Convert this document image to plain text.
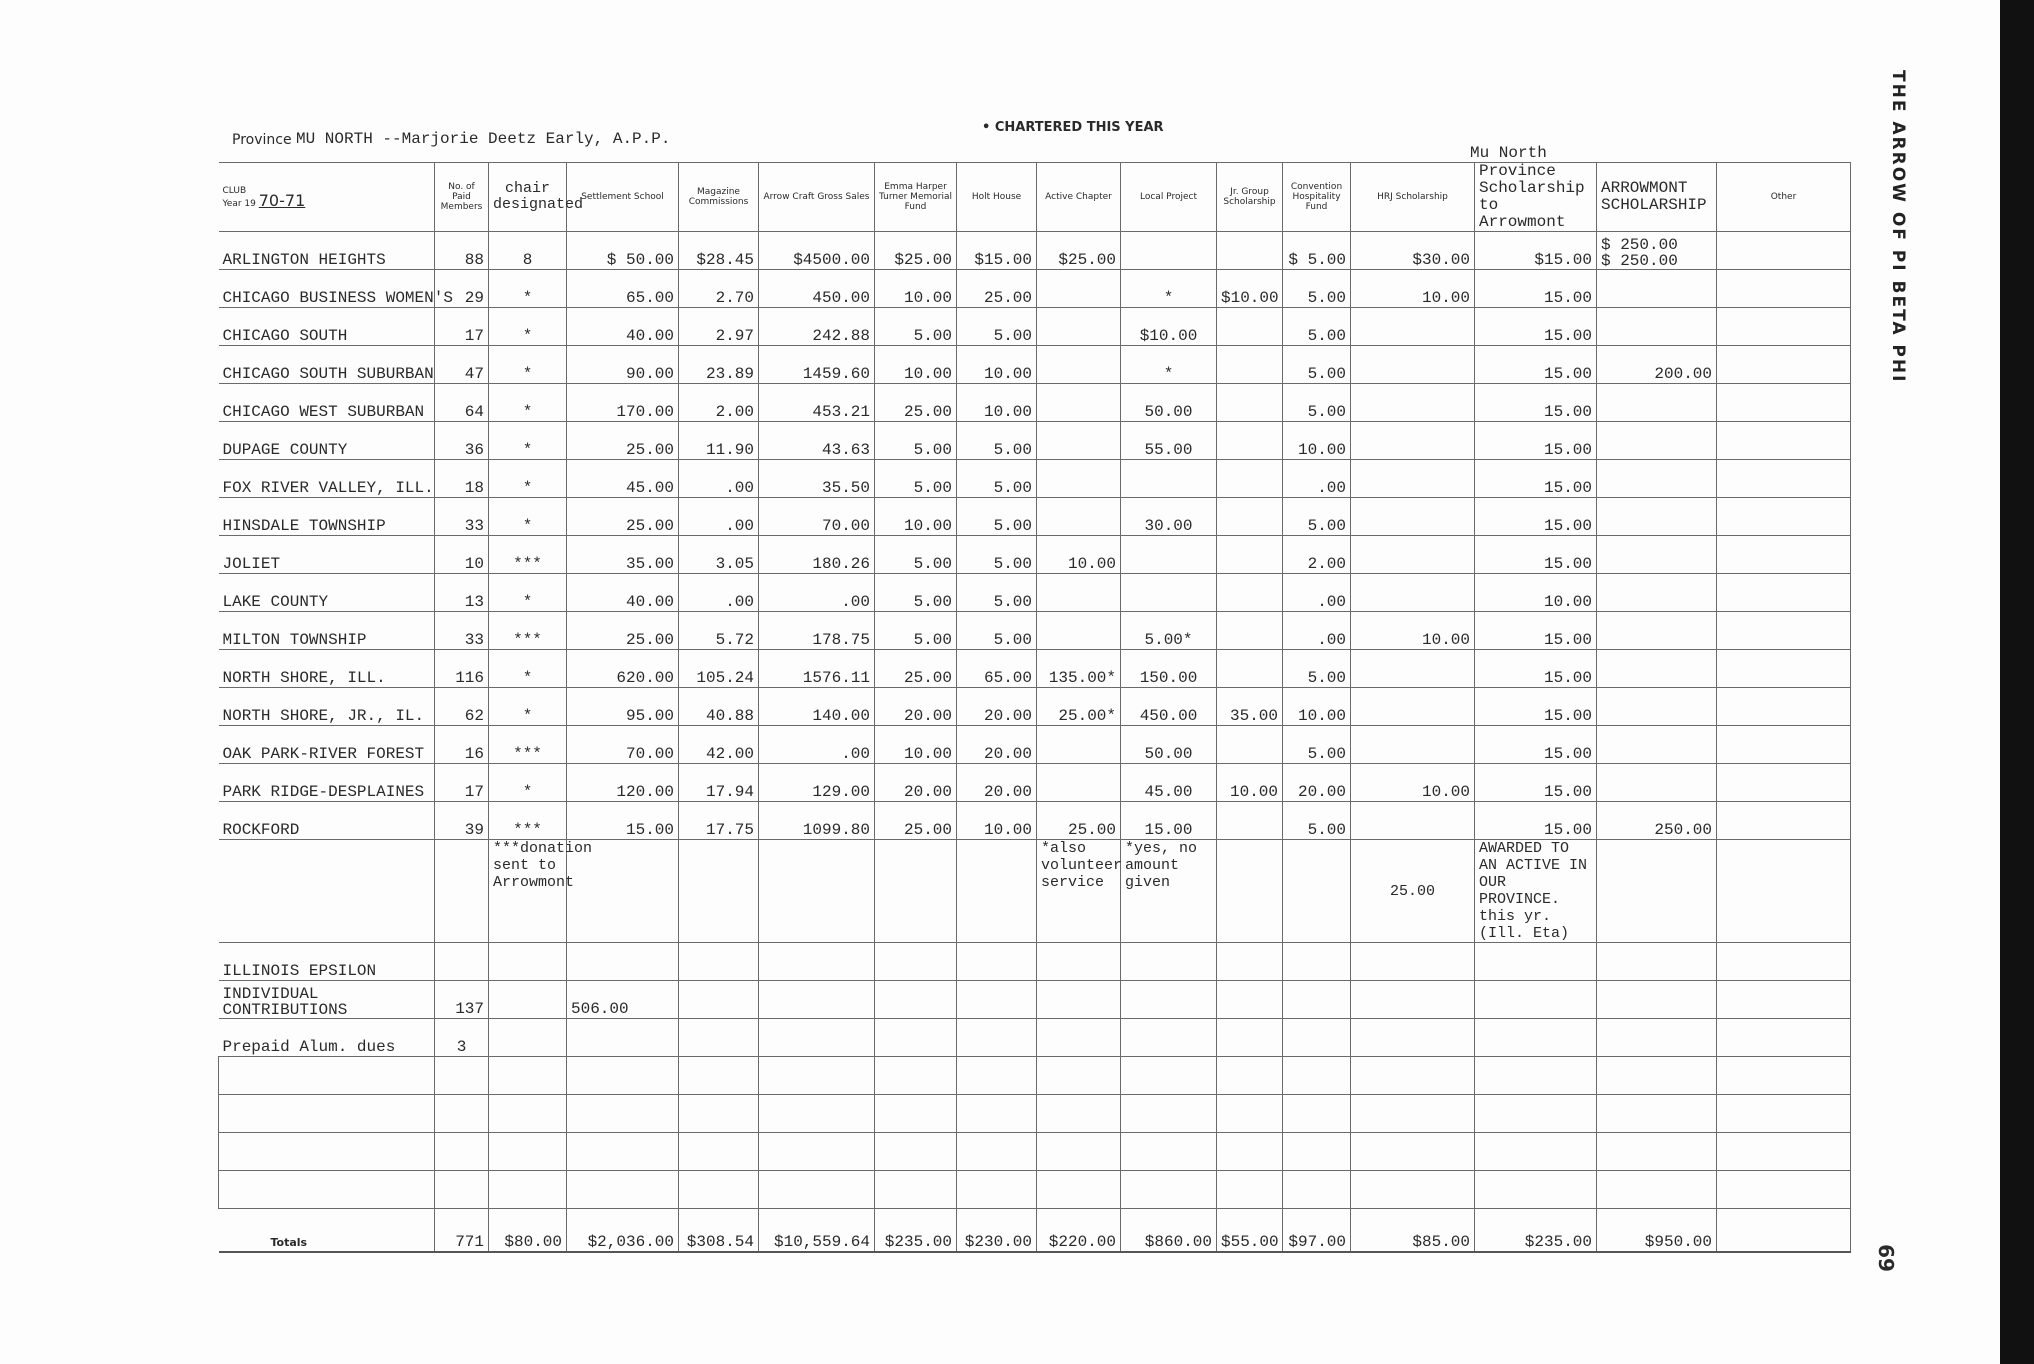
• CHARTERED THIS YEAR
Province MU NORTH --Marjorie Deetz Early, A.P.P.
Mu North	THE ARROW OF PI BETA PHI
69
CLUB
Year 19 70-71	No. of Paid Members	chair designated	Settlement School	Magazine Commissions	Arrow Craft Gross Sales	Emma Harper Turner Memorial Fund	Holt House	Active Chapter	Local Project	Jr. Group Scholarship	Convention Hospitality Fund	HRJ Scholarship	Province Scholarship to Arrowmont	ARROWMONT SCHOLARSHIP	Other
ARLINGTON HEIGHTS	88	8	$ 50.00	$28.45	$4500.00	$25.00	$15.00	$25.00			$ 5.00	$30.00	$15.00	$ 250.00
$ 250.00	

CHICAGO BUSINESS WOMEN'S	29	*	65.00	2.70	450.00	10.00	25.00		*	$10.00	5.00	10.00	15.00		
CHICAGO SOUTH	17	*	40.00	2.97	242.88	5.00	5.00		$10.00		5.00		15.00		
CHICAGO SOUTH SUBURBAN	47	*	90.00	23.89	1459.60	10.00	10.00		*		5.00		15.00	200.00	
CHICAGO WEST SUBURBAN	64	*	170.00	2.00	453.21	25.00	10.00		50.00		5.00		15.00		
DUPAGE COUNTY	36	*	25.00	11.90	43.63	5.00	5.00		55.00		10.00		15.00		
FOX RIVER VALLEY, ILL.	18	*	45.00	.00	35.50	5.00	5.00				.00		15.00		
HINSDALE TOWNSHIP	33	*	25.00	.00	70.00	10.00	5.00		30.00		5.00		15.00		
JOLIET	10	***	35.00	3.05	180.26	5.00	5.00	10.00			2.00		15.00		
LAKE COUNTY	13	*	40.00	.00	.00	5.00	5.00				.00		10.00		
MILTON TOWNSHIP	33	***	25.00	5.72	178.75	5.00	5.00		5.00*		.00	10.00	15.00		
NORTH SHORE, ILL.	116	*	620.00	105.24	1576.11	25.00	65.00	135.00*	150.00		5.00		15.00		
NORTH SHORE, JR., IL.	62	*	95.00	40.88	140.00	20.00	20.00	25.00*	450.00	35.00	10.00		15.00		
OAK PARK-RIVER FOREST	16	***	70.00	42.00	.00	10.00	20.00		50.00		5.00		15.00		
PARK RIDGE-DESPLAINES	17	*	120.00	17.94	129.00	20.00	20.00		45.00	10.00	20.00	10.00	15.00		
ROCKFORD	39	***	15.00	17.75	1099.80	25.00	10.00	25.00	15.00		5.00		15.00	250.00	
		***donation sent to Arrowmont						*also volunteer service	*yes, no amount given			25.00	AWARDED TO AN ACTIVE IN OUR PROVINCE. this yr. (Ill. Eta)		
ILLINOIS EPSILON															
INDIVIDUAL CONTRIBUTIONS	137		506.00												
Prepaid Alum. dues	3														

Totals	771	$80.00	$2,036.00	$308.54	$10,559.64	$235.00	$230.00	$220.00	$860.00	$55.00	$97.00	$85.00	$235.00	$950.00	
